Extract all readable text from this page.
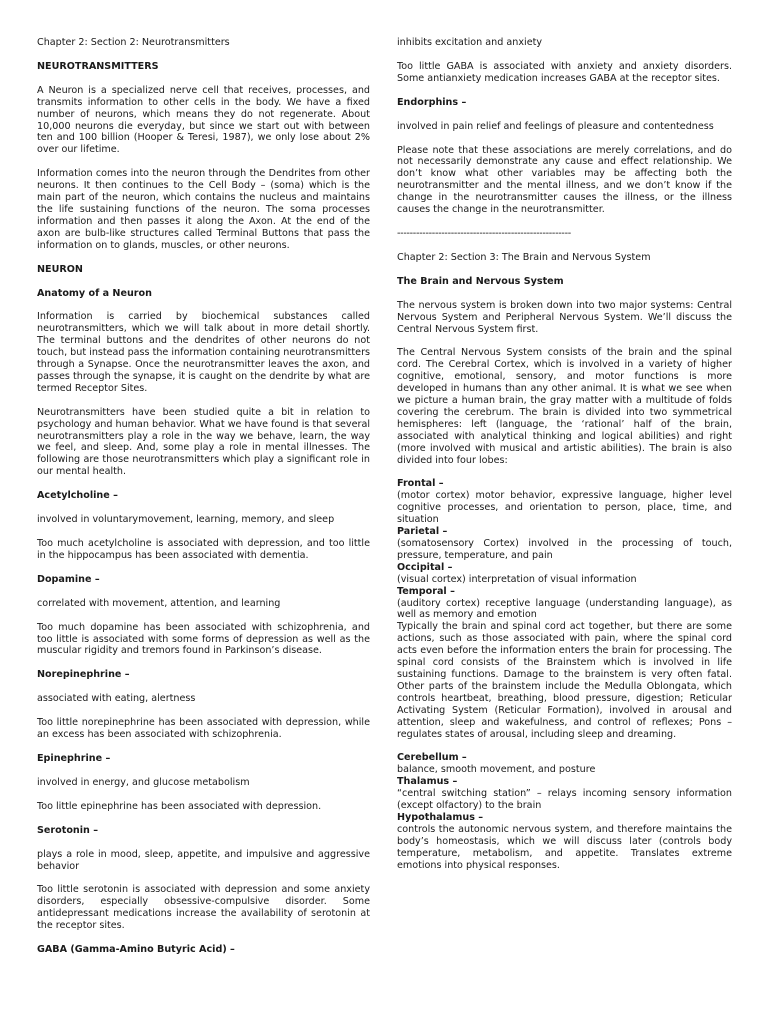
Chapter 2: Section 2: Neurotransmitters

NEUROTRANSMITTERS

A Neuron is a specialized nerve cell that receives, processes, and transmits information to other cells in the body. We have a fixed number of neurons, which means they do not regenerate. About 10,000 neurons die everyday, but since we start out with between ten and 100 billion (Hooper & Teresi, 1987), we only lose about 2% over our lifetime.

Information comes into the neuron through the Dendrites from other neurons. It then continues to the Cell Body – (soma) which is the main part of the neuron, which contains the nucleus and maintains the life sustaining functions of the neuron. The soma processes information and then passes it along the Axon. At the end of the axon are bulb-like structures called Terminal Buttons that pass the information on to glands, muscles, or other neurons.

NEURON

Anatomy of a Neuron

Information is carried by biochemical substances called neurotransmitters, which we will talk about in more detail shortly. The terminal buttons and the dendrites of other neurons do not touch, but instead pass the information containing neurotransmitters through a Synapse. Once the neurotransmitter leaves the axon, and passes through the synapse, it is caught on the dendrite by what are termed Receptor Sites.

Neurotransmitters have been studied quite a bit in relation to psychology and human behavior. What we have found is that several neurotransmitters play a role in the way we behave, learn, the way we feel, and sleep. And, some play a role in mental illnesses. The following are those neurotransmitters which play a significant role in our mental health.

Acetylcholine –

involved in voluntarymovement, learning, memory, and sleep

Too much acetylcholine is associated with depression, and too little in the hippocampus has been associated with dementia.

Dopamine –

correlated with movement, attention, and learning

Too much dopamine has been associated with schizophrenia, and too little is associated with some forms of depression as well as the muscular rigidity and tremors found in Parkinson’s disease.

Norepinephrine –

associated with eating, alertness

Too little norepinephrine has been associated with depression, while an excess has been associated with schizophrenia.

Epinephrine –

involved in energy, and glucose metabolism

Too little epinephrine has been associated with depression.

Serotonin –

plays a role in mood, sleep, appetite, and impulsive and aggressive behavior

Too little serotonin is associated with depression and some anxiety disorders, especially obsessive-compulsive disorder. Some antidepressant medications increase the availability of serotonin at the receptor sites.

GABA (Gamma-Amino Butyric Acid) –

inhibits excitation and anxiety

Too little GABA is associated with anxiety and anxiety disorders. Some antianxiety medication increases GABA at the receptor sites.

Endorphins –

involved in pain relief and feelings of pleasure and contentedness

Please note that these associations are merely correlations, and do not necessarily demonstrate any cause and effect relationship. We don’t know what other variables may be affecting both the neurotransmitter and the mental illness, and we don’t know if the change in the neurotransmitter causes the illness, or the illness causes the change in the neurotransmitter.

-------------------------------------------------------

Chapter 2: Section 3: The Brain and Nervous System

The Brain and Nervous System

The nervous system is broken down into two major systems: Central Nervous System and Peripheral Nervous System. We’ll discuss the Central Nervous System first.

The Central Nervous System consists of the brain and the spinal cord. The Cerebral Cortex, which is involved in a variety of higher cognitive, emotional, sensory, and motor functions is more developed in humans than any other animal. It is what we see when we picture a human brain, the gray matter with a multitude of folds covering the cerebrum. The brain is divided into two symmetrical hemispheres: left (language, the ‘rational’ half of the brain, associated with analytical thinking and logical abilities) and right (more involved with musical and artistic abilities). The brain is also divided into four lobes:

Frontal –

(motor cortex) motor behavior, expressive language, higher level cognitive processes, and orientation to person, place, time, and situation

Parietal –

(somatosensory Cortex) involved in the processing of touch, pressure, temperature, and pain

Occipital –

(visual cortex) interpretation of visual information

Temporal –

(auditory cortex) receptive language (understanding language), as well as memory and emotion

Typically the brain and spinal cord act together, but there are some actions, such as those associated with pain, where the spinal cord acts even before the information enters the brain for processing. The spinal cord consists of the Brainstem which is involved in life sustaining functions. Damage to the brainstem is very often fatal. Other parts of the brainstem include the Medulla Oblongata, which controls heartbeat, breathing, blood pressure, digestion; Reticular Activating System (Reticular Formation), involved in arousal and attention, sleep and wakefulness, and control of reflexes; Pons – regulates states of arousal, including sleep and dreaming.

Cerebellum –

balance, smooth movement, and posture

Thalamus –

“central switching station” – relays incoming sensory information (except olfactory) to the brain

Hypothalamus –

controls the autonomic nervous system, and therefore maintains the body’s homeostasis, which we will discuss later (controls body temperature, metabolism, and appetite. Translates extreme emotions into physical responses.
